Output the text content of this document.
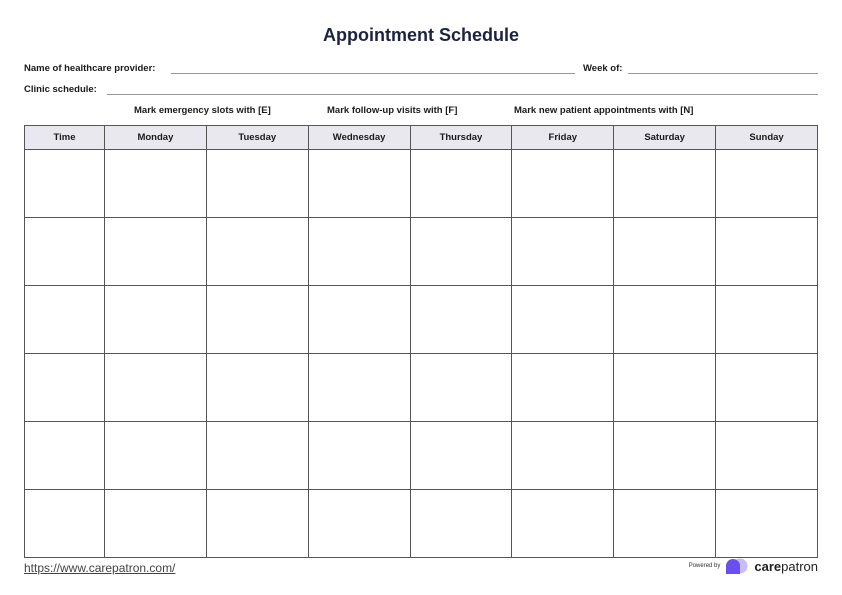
Appointment Schedule
Name of healthcare provider:	Week of:
Clinic schedule:
Mark emergency slots with [E]	Mark follow-up visits with [F]	Mark new patient appointments with [N]
Time	Monday	Tuesday	Wednesday	Thursday	Friday	Saturday	Sunday

https://www.carepatron.com/	Powered by	carepatron
